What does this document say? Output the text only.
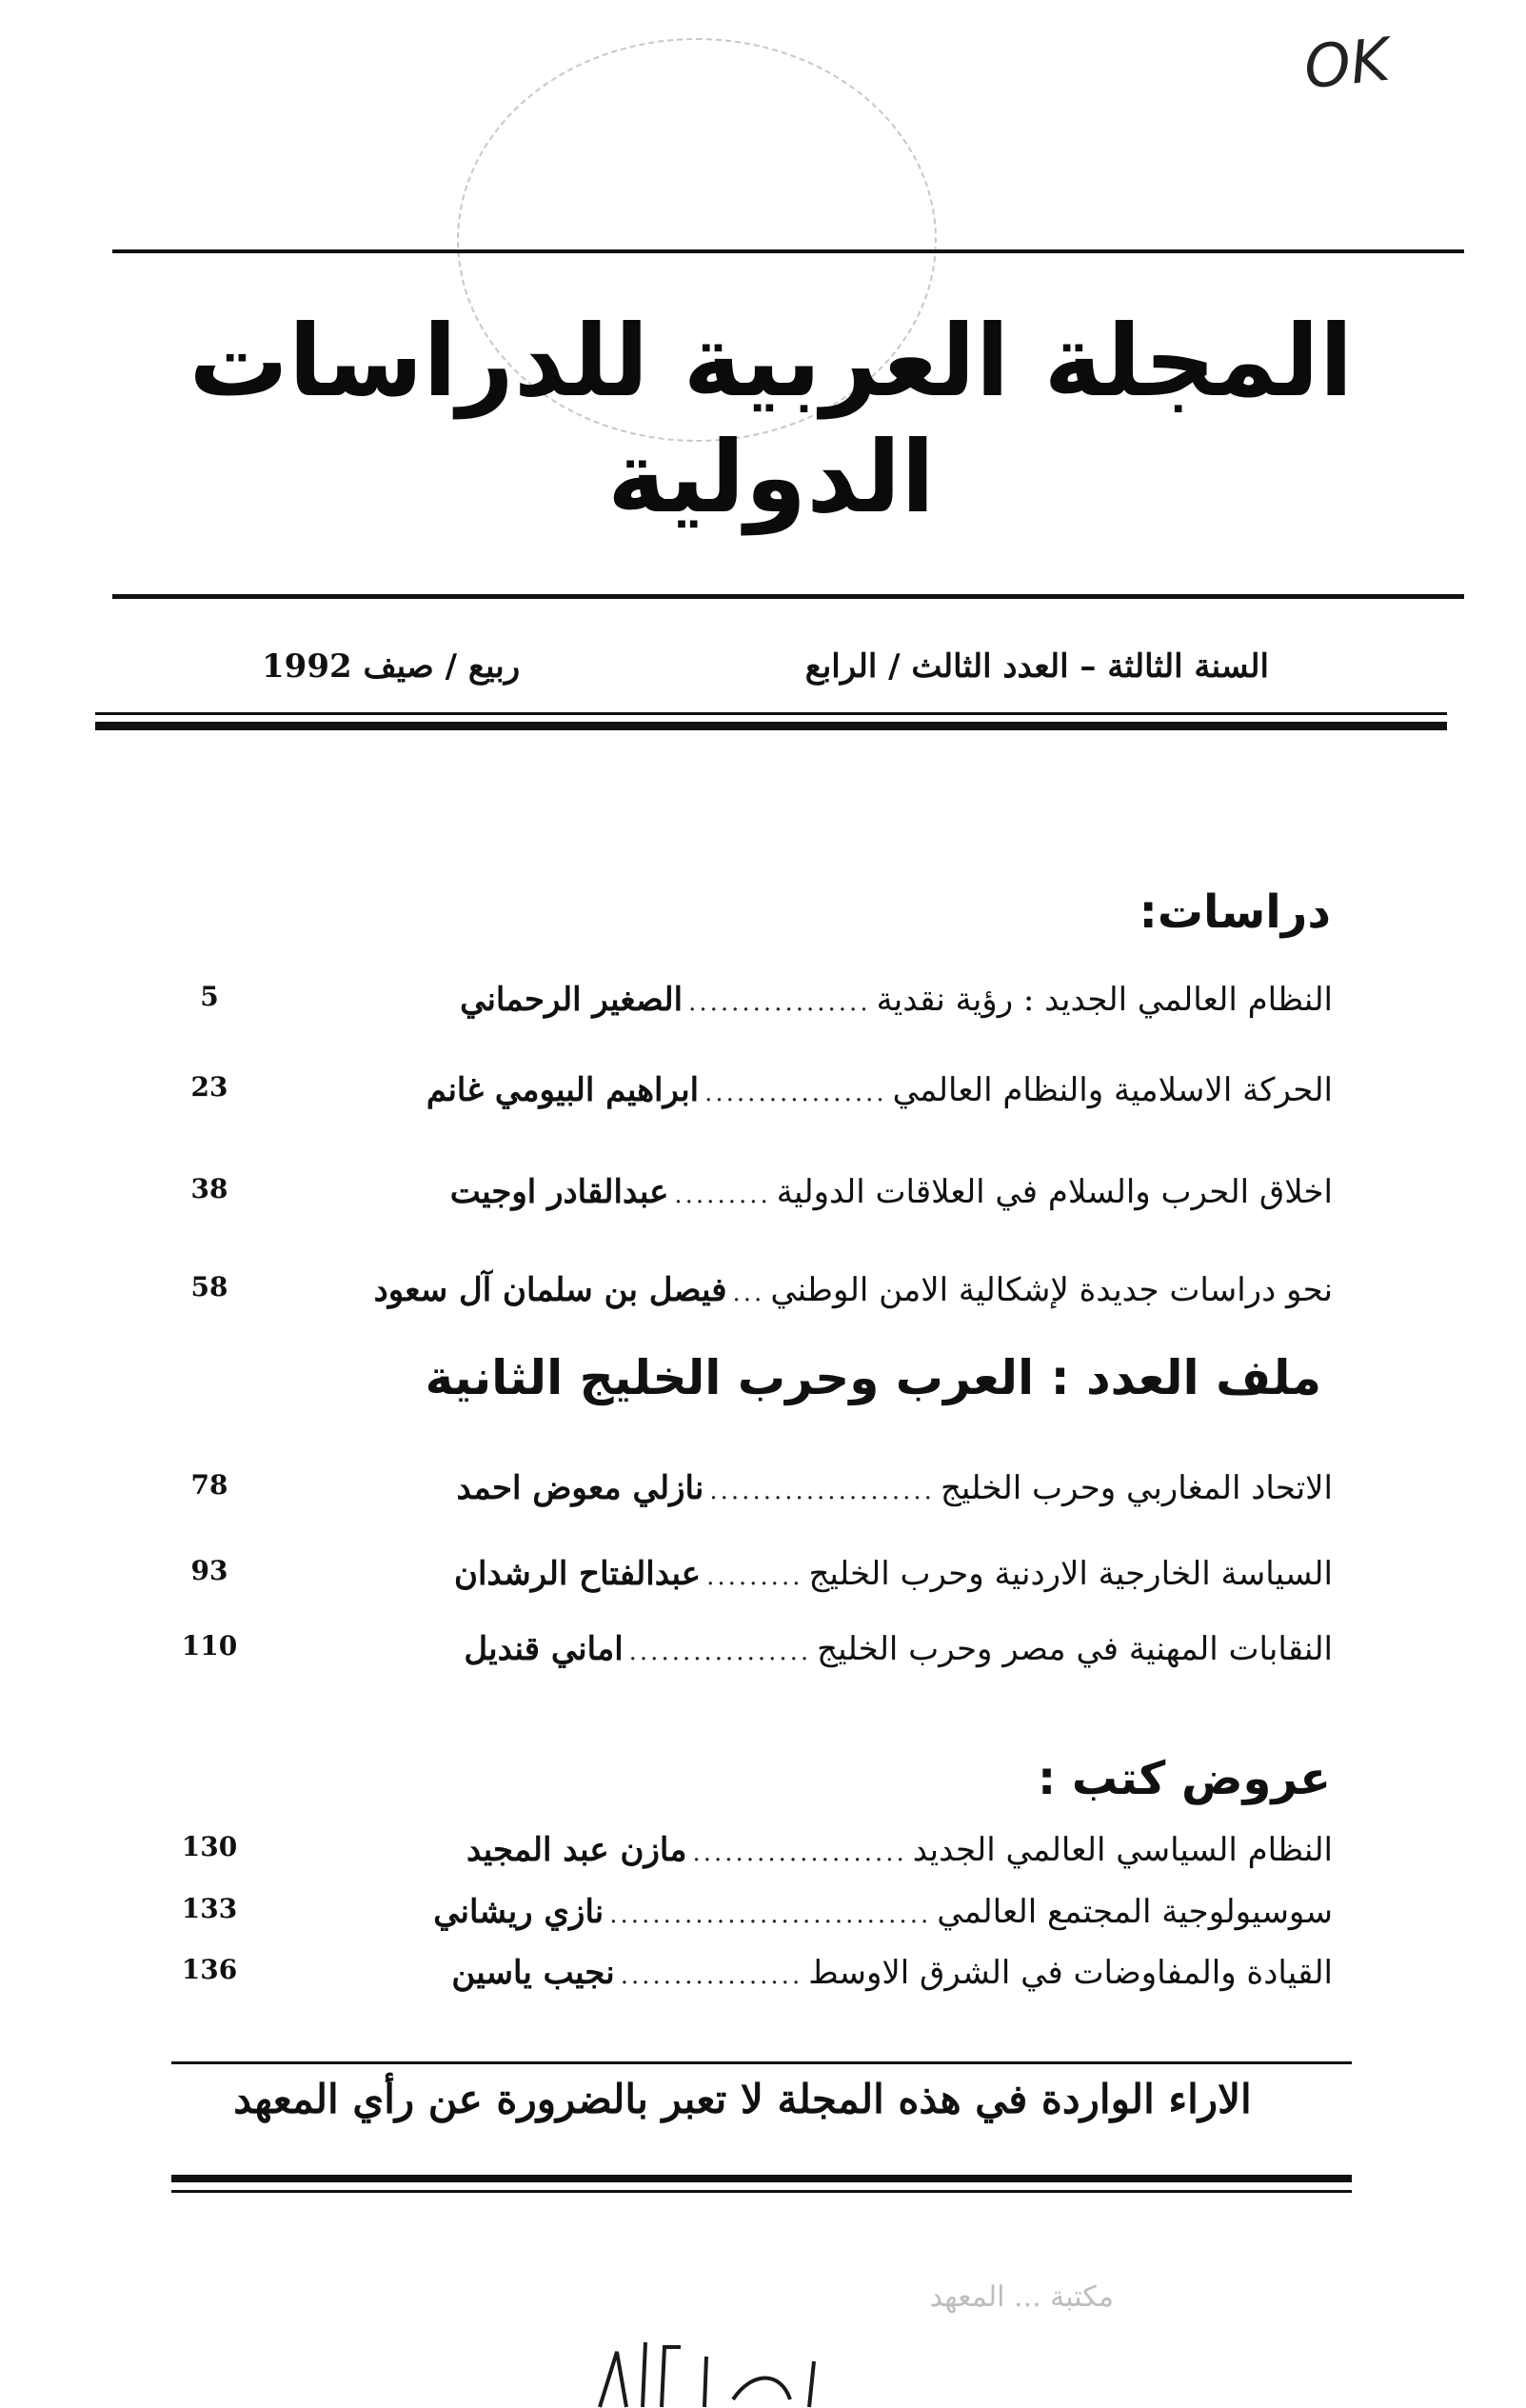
OK
المجلة العربية للدراسات الدولية
السنة الثالثة – العدد الثالث / الرابع
ربيع / صيف 1992
دراسات:
النظام العالمي الجديد : رؤية نقدية
.................
الصغير الرحماني
5
الحركة الاسلامية والنظام العالمي
.................
ابراهيم البيومي غانم
23
اخلاق الحرب والسلام في العلاقات الدولية
.........
عبدالقادر اوجيت
38
نحو دراسات جديدة لإشكالية الامن الوطني
...
فيصل بن سلمان آل سعود
58
ملف العدد : العرب وحرب الخليج الثانية
الاتحاد المغاربي وحرب الخليج
.....................
نازلي معوض احمد
78
السياسة الخارجية الاردنية وحرب الخليج
.........
عبدالفتاح الرشدان
93
النقابات المهنية في مصر وحرب الخليج
.................
اماني قنديل
110
عروض كتب :
النظام السياسي العالمي الجديد
....................
مازن عبد المجيد
130
سوسيولوجية المجتمع العالمي
..............................
نازي ريشاني
133
القيادة والمفاوضات في الشرق الاوسط
.................
نجيب ياسين
136
الاراء الواردة في هذه المجلة لا تعبر بالضرورة عن رأي المعهد
مكتبة ... المعهد
